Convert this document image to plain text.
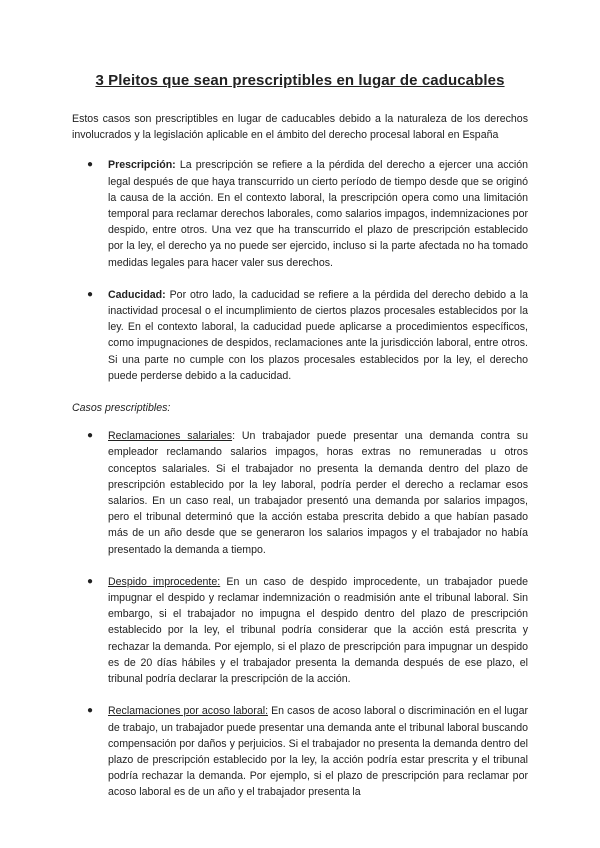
3 Pleitos que sean prescriptibles en lugar de caducables

Estos casos son prescriptibles en lugar de caducables debido a la naturaleza de los derechos involucrados y la legislación aplicable en el ámbito del derecho procesal laboral en España

● Prescripción: La prescripción se refiere a la pérdida del derecho a ejercer una acción legal después de que haya transcurrido un cierto período de tiempo desde que se originó la causa de la acción. En el contexto laboral, la prescripción opera como una limitación temporal para reclamar derechos laborales, como salarios impagos, indemnizaciones por despido, entre otros. Una vez que ha transcurrido el plazo de prescripción establecido por la ley, el derecho ya no puede ser ejercido, incluso si la parte afectada no ha tomado medidas legales para hacer valer sus derechos.
● Caducidad: Por otro lado, la caducidad se refiere a la pérdida del derecho debido a la inactividad procesal o el incumplimiento de ciertos plazos procesales establecidos por la ley. En el contexto laboral, la caducidad puede aplicarse a procedimientos específicos, como impugnaciones de despidos, reclamaciones ante la jurisdicción laboral, entre otros. Si una parte no cumple con los plazos procesales establecidos por la ley, el derecho puede perderse debido a la caducidad.

Casos prescriptibles:

● Reclamaciones salariales: Un trabajador puede presentar una demanda contra su empleador reclamando salarios impagos, horas extras no remuneradas u otros conceptos salariales. Si el trabajador no presenta la demanda dentro del plazo de prescripción establecido por la ley laboral, podría perder el derecho a reclamar esos salarios. En un caso real, un trabajador presentó una demanda por salarios impagos, pero el tribunal determinó que la acción estaba prescrita debido a que habían pasado más de un año desde que se generaron los salarios impagos y el trabajador no había presentado la demanda a tiempo.
● Despido improcedente: En un caso de despido improcedente, un trabajador puede impugnar el despido y reclamar indemnización o readmisión ante el tribunal laboral. Sin embargo, si el trabajador no impugna el despido dentro del plazo de prescripción establecido por la ley, el tribunal podría considerar que la acción está prescrita y rechazar la demanda. Por ejemplo, si el plazo de prescripción para impugnar un despido es de 20 días hábiles y el trabajador presenta la demanda después de ese plazo, el tribunal podría declarar la prescripción de la acción.
● Reclamaciones por acoso laboral: En casos de acoso laboral o discriminación en el lugar de trabajo, un trabajador puede presentar una demanda ante el tribunal laboral buscando compensación por daños y perjuicios. Si el trabajador no presenta la demanda dentro del plazo de prescripción establecido por la ley, la acción podría estar prescrita y el tribunal podría rechazar la demanda. Por ejemplo, si el plazo de prescripción para reclamar por acoso laboral es de un año y el trabajador presenta la
